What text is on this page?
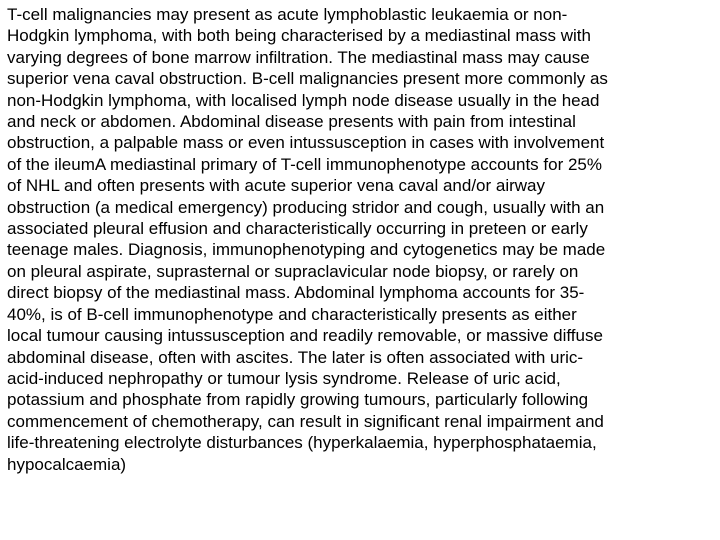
T-cell malignancies may present as acute lymphoblastic leukaemia or non-
Hodgkin lymphoma, with both being characterised by a mediastinal mass with
varying degrees of bone marrow infiltration. The mediastinal mass may cause
superior vena caval obstruction. B-cell malignancies present more commonly as
non-Hodgkin lymphoma, with localised lymph node disease usually in the head
and neck or abdomen. Abdominal disease presents with pain from intestinal
obstruction, a palpable mass or even intussusception in cases with involvement
of the ileumA mediastinal primary of T-cell immunophenotype accounts for 25%
of NHL and often presents with acute superior vena caval and/or airway
obstruction (a medical emergency) producing stridor and cough, usually with an
associated pleural effusion and characteristically occurring in preteen or early
teenage males. Diagnosis, immunophenotyping and cytogenetics may be made
on pleural aspirate, suprasternal or supraclavicular node biopsy, or rarely on
direct biopsy of the mediastinal mass. Abdominal lymphoma accounts for 35-
40%, is of B-cell immunophenotype and characteristically presents as either
local tumour causing intussusception and readily removable, or massive diffuse
abdominal disease, often with ascites. The later is often associated with uric-
acid-induced nephropathy or tumour lysis syndrome. Release of uric acid,
potassium and phosphate from rapidly growing tumours, particularly following
commencement of chemotherapy, can result in significant renal impairment and
life-threatening electrolyte disturbances (hyperkalaemia, hyperphosphataemia,
hypocalcaemia)
